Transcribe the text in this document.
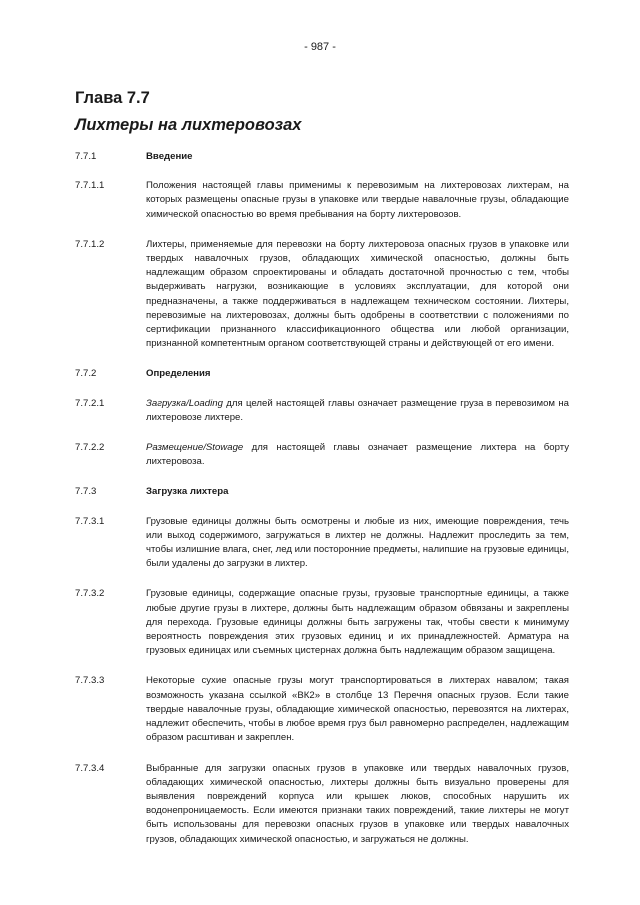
- 987 -
Глава 7.7
Лихтеры на лихтеровозах
7.7.1	Введение
7.7.1.1	Положения настоящей главы применимы к перевозимым на лихтеровозах лихтерам, на которых размещены опасные грузы в упаковке или твердые навалочные грузы, обладающие химической опасностью во время пребывания на борту лихтеровозов.
7.7.1.2	Лихтеры, применяемые для перевозки на борту лихтеровоза опасных грузов в упаковке или твердых навалочных грузов, обладающих химической опасностью, должны быть надлежащим образом спроектированы и обладать достаточной прочностью с тем, чтобы выдерживать нагрузки, возникающие в условиях эксплуатации, для которой они предназначены, а также поддерживаться в надлежащем техническом состоянии. Лихтеры, перевозимые на лихтеровозах, должны быть одобрены в соответствии с положениями по сертификации признанного классификационного общества или любой организации, признанной компетентным органом соответствующей страны и действующей от его имени.
7.7.2	Определения
7.7.2.1	Загрузка/Loading для целей настоящей главы означает размещение груза в перевозимом на лихтеровозе лихтере.
7.7.2.2	Размещение/Stowage для настоящей главы означает размещение лихтера на борту лихтеровоза.
7.7.3	Загрузка лихтера
7.7.3.1	Грузовые единицы должны быть осмотрены и любые из них, имеющие повреждения, течь или выход содержимого, загружаться в лихтер не должны. Надлежит проследить за тем, чтобы излишние влага, снег, лед или посторонние предметы, налипшие на грузовые единицы, были удалены до загрузки в лихтер.
7.7.3.2	Грузовые единицы, содержащие опасные грузы, грузовые транспортные единицы, а также любые другие грузы в лихтере, должны быть надлежащим образом обвязаны и закреплены для перехода. Грузовые единицы должны быть загружены так, чтобы свести к минимуму вероятность повреждения этих грузовых единиц и их принадлежностей. Арматура на грузовых единицах или съемных цистернах должна быть надлежащим образом защищена.
7.7.3.3	Некоторые сухие опасные грузы могут транспортироваться в лихтерах навалом; такая возможность указана ссылкой «ВК2» в столбце 13 Перечня опасных грузов. Если такие твердые навалочные грузы, обладающие химической опасностью, перевозятся на лихтерах, надлежит обеспечить, чтобы в любое время груз был равномерно распределен, надлежащим образом расштиван и закреплен.
7.7.3.4	Выбранные для загрузки опасных грузов в упаковке или твердых навалочных грузов, обладающих химической опасностью, лихтеры должны быть визуально проверены для выявления повреждений корпуса или крышек люков, способных нарушить их водонепроницаемость. Если имеются признаки таких повреждений, такие лихтеры не могут быть использованы для перевозки опасных грузов в упаковке или твердых навалочных грузов, обладающих химической опасностью, и загружаться не должны.
